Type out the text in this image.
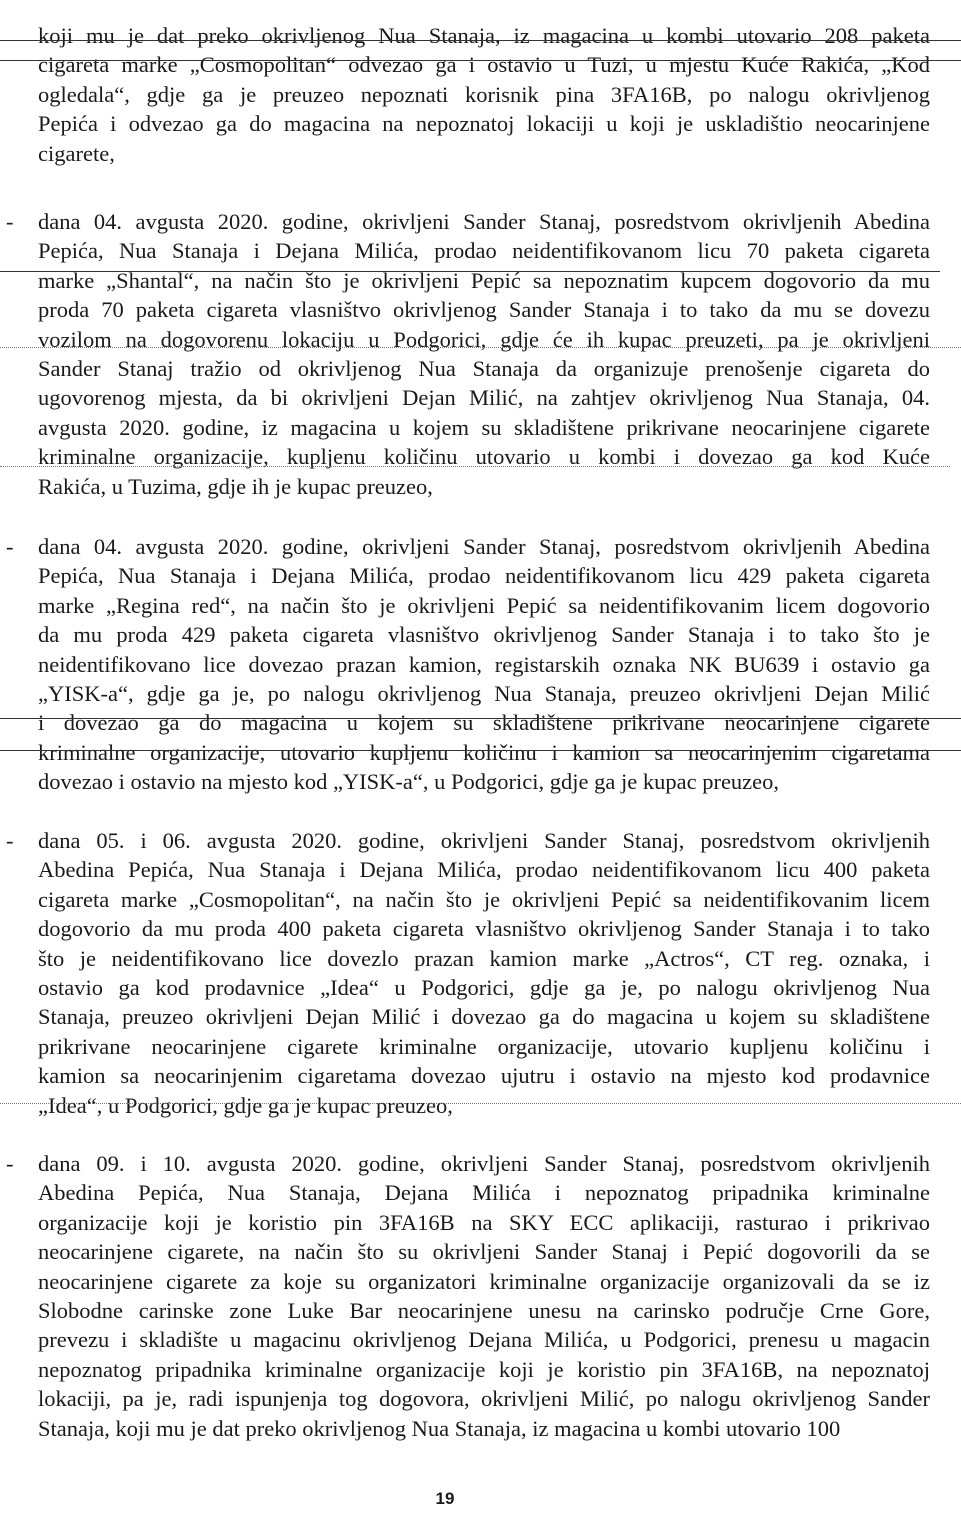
koji mu je dat preko okrivljenog Nua Stanaja, iz magacina u kombi utovario 208 paketa
cigareta marke „Cosmopolitan“ odvezao ga i ostavio u Tuzi, u mjestu Kuće Rakića, „Kod
ogledala“, gdje ga je preuzeo nepoznati korisnik pina 3FA16B, po nalogu okrivljenog
Pepića i odvezao ga do magacina na nepoznatoj lokaciji u koji je uskladištio neocarinjene
cigarete,
- dana 04. avgusta 2020. godine, okrivljeni Sander Stanaj, posredstvom okrivljenih Abedina
Pepića, Nua Stanaja i Dejana Milića, prodao neidentifikovanom licu 70 paketa cigareta
marke „Shantal“, na način što je okrivljeni Pepić sa nepoznatim kupcem dogovorio da mu
proda 70 paketa cigareta vlasništvo okrivljenog Sander Stanaja i to tako da mu se dovezu
vozilom na dogovorenu lokaciju u Podgorici, gdje će ih kupac preuzeti, pa je okrivljeni
Sander Stanaj tražio od okrivljenog Nua Stanaja da organizuje prenošenje cigareta do
ugovorenog mjesta, da bi okrivljeni Dejan Milić, na zahtjev okrivljenog Nua Stanaja, 04.
avgusta 2020. godine, iz magacina u kojem su skladištene prikrivane neocarinjene cigarete
kriminalne organizacije, kupljenu količinu utovario u kombi i dovezao ga kod Kuće
Rakića, u Tuzima, gdje ih je kupac preuzeo,
- dana 04. avgusta 2020. godine, okrivljeni Sander Stanaj, posredstvom okrivljenih Abedina
Pepića, Nua Stanaja i Dejana Milića, prodao neidentifikovanom licu 429 paketa cigareta
marke „Regina red“, na način što je okrivljeni Pepić sa neidentifikovanim licem dogovorio
da mu proda 429 paketa cigareta vlasništvo okrivljenog Sander Stanaja i to tako što je
neidentifikovano lice dovezao prazan kamion, registarskih oznaka NK BU639 i ostavio ga
„YISK-a“, gdje ga je, po nalogu okrivljenog Nua Stanaja, preuzeo okrivljeni Dejan Milić
i dovezao ga do magacina u kojem su skladištene prikrivane neocarinjene cigarete
kriminalne organizacije, utovario kupljenu količinu i kamion sa neocarinjenim cigaretama
dovezao i ostavio na mjesto kod „YISK-a“, u Podgorici, gdje ga je kupac preuzeo,
- dana 05. i 06. avgusta 2020. godine, okrivljeni Sander Stanaj, posredstvom okrivljenih
Abedina Pepića, Nua Stanaja i Dejana Milića, prodao neidentifikovanom licu 400 paketa
cigareta marke „Cosmopolitan“, na način što je okrivljeni Pepić sa neidentifikovanim licem
dogovorio da mu proda 400 paketa cigareta vlasništvo okrivljenog Sander Stanaja i to tako
što je neidentifikovano lice dovezlo prazan kamion marke „Actros“, CT reg. oznaka, i
ostavio ga kod prodavnice „Idea“ u Podgorici, gdje ga je, po nalogu okrivljenog Nua
Stanaja, preuzeo okrivljeni Dejan Milić i dovezao ga do magacina u kojem su skladištene
prikrivane neocarinjene cigarete kriminalne organizacije, utovario kupljenu količinu i
kamion sa neocarinjenim cigaretama dovezao ujutru i ostavio na mjesto kod prodavnice
„Idea“, u Podgorici, gdje ga je kupac preuzeo,
- dana 09. i 10. avgusta 2020. godine, okrivljeni Sander Stanaj, posredstvom okrivljenih
Abedina Pepića, Nua Stanaja, Dejana Milića i nepoznatog pripadnika kriminalne
organizacije koji je koristio pin 3FA16B na SKY ECC aplikaciji, rasturao i prikrivao
neocarinjene cigarete, na način što su okrivljeni Sander Stanaj i Pepić dogovorili da se
neocarinjene cigarete za koje su organizatori kriminalne organizacije organizovali da se iz
Slobodne carinske zone Luke Bar neocarinjene unesu na carinsko područje Crne Gore,
prevezu i skladište u magacinu okrivljenog Dejana Milića, u Podgorici, prenesu u magacin
nepoznatog pripadnika kriminalne organizacije koji je koristio pin 3FA16B, na nepoznatoj
lokaciji, pa je, radi ispunjenja tog dogovora, okrivljeni Milić, po nalogu okrivljenog Sander
Stanaja, koji mu je dat preko okrivljenog Nua Stanaja, iz magacina u kombi utovario 100
19
